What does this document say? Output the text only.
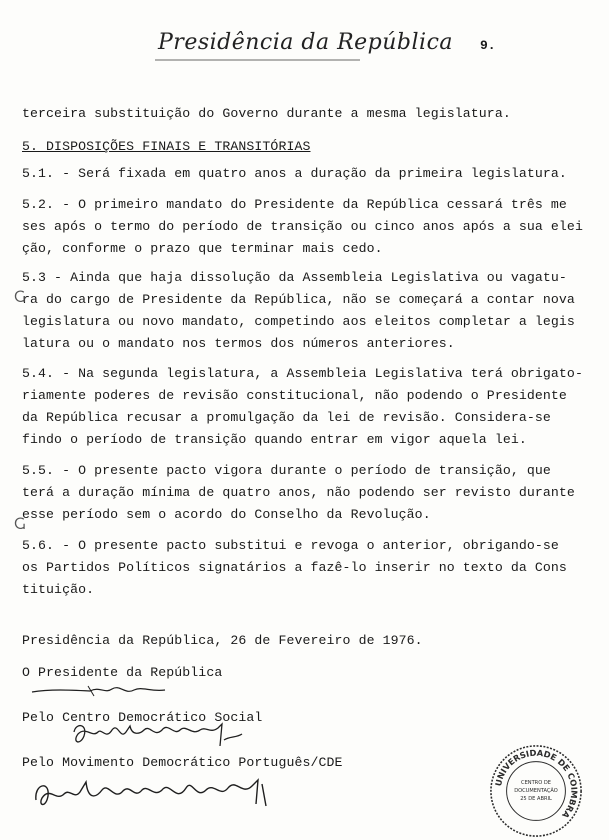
Presidência da República 9.
terceira substituição do Governo durante a mesma legislatura.
5. DISPOSIÇÕES FINAIS E TRANSITÓRIAS
5.1. - Será fixada em quatro anos a duração da primeira legislatura.
5.2. - O primeiro mandato do Presidente da República cessará três me
ses após o termo do período de transição ou cinco anos após a sua elei
ção, conforme o prazo que terminar mais cedo.
5.3 - Ainda que haja dissolução da Assembleia Legislativa ou vagatu-
ra do cargo de Presidente da República, não se começará a contar nova
legislatura ou novo mandato, competindo aos eleitos completar a legis
latura ou o mandato nos termos dos números anteriores.
5.4. - Na segunda legislatura, a Assembleia Legislativa terá obrigato-
riamente poderes de revisão constitucional, não podendo o Presidente
da República recusar a promulgação da lei de revisão. Considera-se
findo o período de transição quando entrar em vigor aquela lei.
5.5. - O presente pacto vigora durante o período de transição, que
terá a duração mínima de quatro anos, não podendo ser revisto durante
esse período sem o acordo do Conselho da Revolução.
5.6. - O presente pacto substitui e revoga o anterior, obrigando-se
os Partidos Políticos signatários a fazê-lo inserir no texto da Cons
tituição.
Presidência da República, 26 de Fevereiro de 1976.
O Presidente da República
Pelo Centro Democrático Social
Pelo Movimento Democrático Português/CDE
UNIVERSIDADE DE COIMBRA
CENTRO DE
DOCUMENTAÇÃO
25 DE ABRIL
Ⴚ
Ⴚ
